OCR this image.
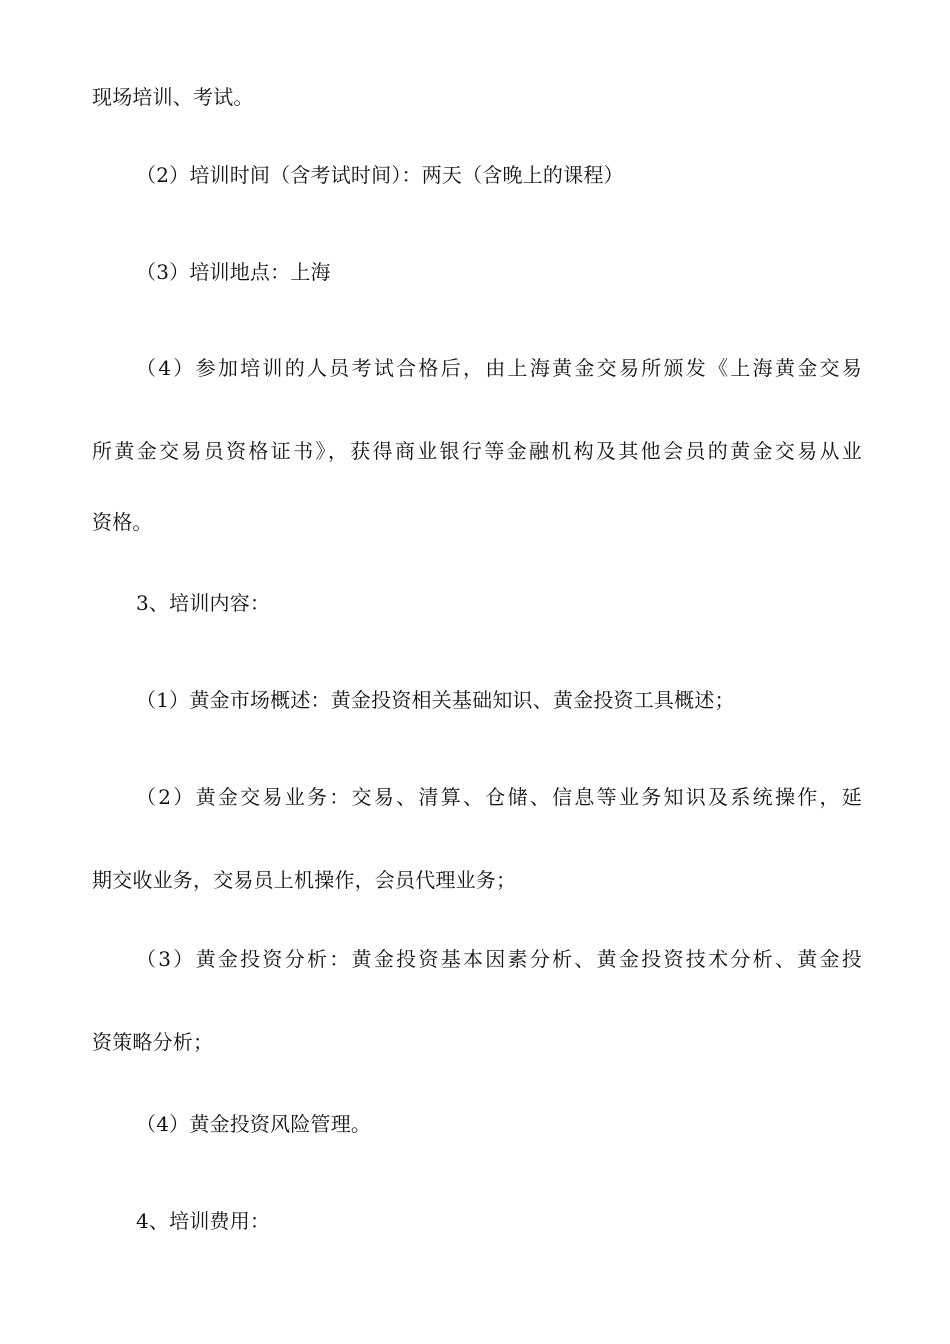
现场培训、考试。
（2）培训时间（含考试时间）：两天（含晚上的课程）
（3）培训地点：上海
（4）参加培训的人员考试合格后，由上海黄金交易所颁发《上海黄金交易
所黄金交易员资格证书》，获得商业银行等金融机构及其他会员的黄金交易从业
资格。
3、培训内容：
（1）黄金市场概述：黄金投资相关基础知识、黄金投资工具概述；
（2）黄金交易业务：交易、清算、仓储、信息等业务知识及系统操作，延
期交收业务，交易员上机操作，会员代理业务；
（3）黄金投资分析：黄金投资基本因素分析、黄金投资技术分析、黄金投
资策略分析；
（4）黄金投资风险管理。
4、培训费用：
